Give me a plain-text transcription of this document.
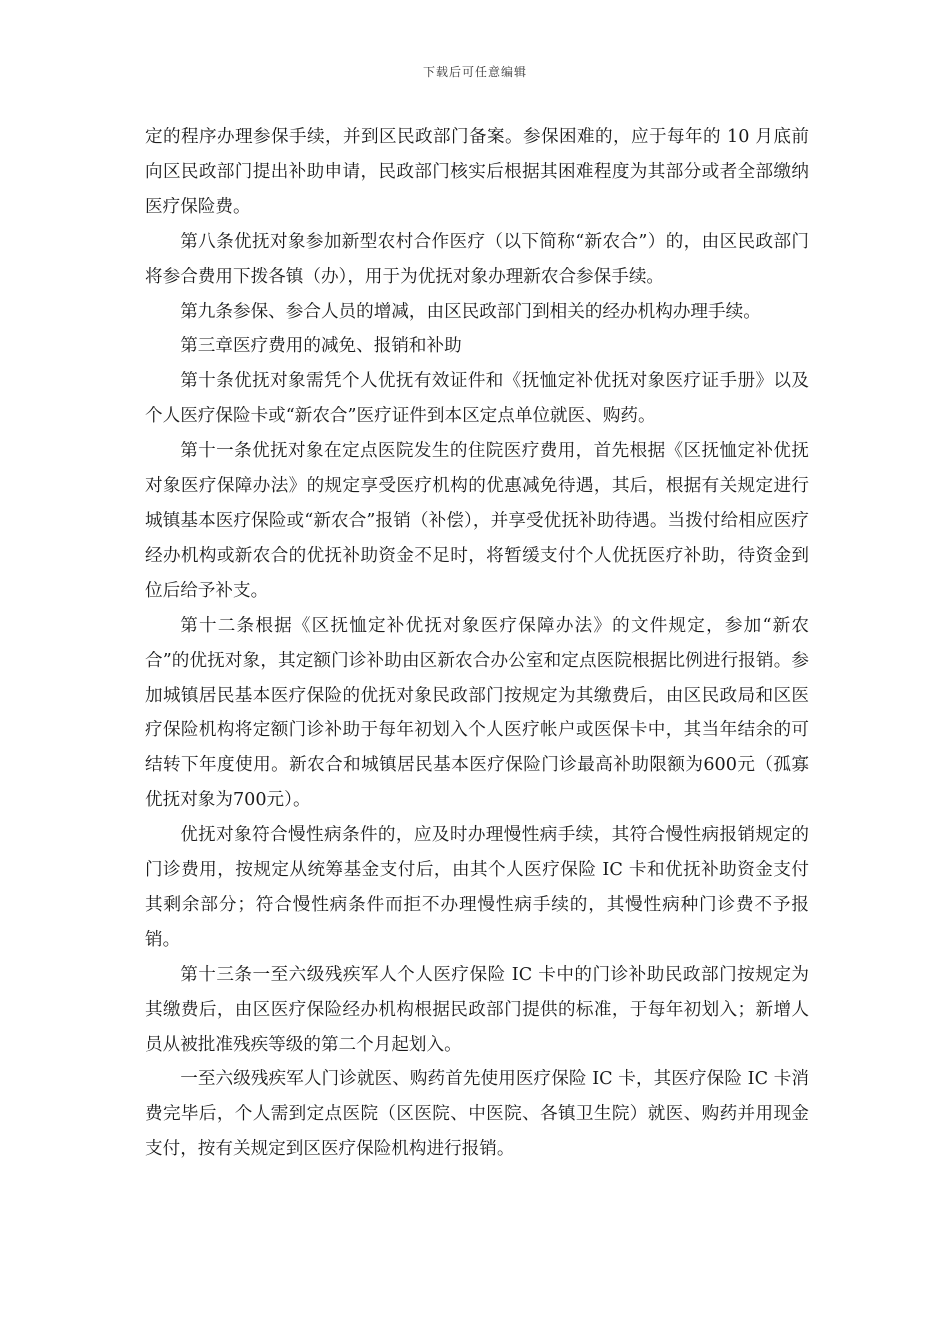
下载后可任意编辑

定的程序办理参保手续，并到区民政部门备案。参保困难的，应于每年的 10 月底前向区民政部门提出补助申请，民政部门核实后根据其困难程度为其部分或者全部缴纳医疗保险费。

第八条优抚对象参加新型农村合作医疗（以下简称“新农合”）的，由区民政部门将参合费用下拨各镇（办），用于为优抚对象办理新农合参保手续。

第九条参保、参合人员的增减，由区民政部门到相关的经办机构办理手续。

第三章医疗费用的减免、报销和补助

第十条优抚对象需凭个人优抚有效证件和《抚恤定补优抚对象医疗证手册》以及个人医疗保险卡或“新农合”医疗证件到本区定点单位就医、购药。

第十一条优抚对象在定点医院发生的住院医疗费用，首先根据《区抚恤定补优抚对象医疗保障办法》的规定享受医疗机构的优惠减免待遇，其后，根据有关规定进行城镇基本医疗保险或“新农合”报销（补偿），并享受优抚补助待遇。当拨付给相应医疗经办机构或新农合的优抚补助资金不足时，将暂缓支付个人优抚医疗补助，待资金到位后给予补支。

第十二条根据《区抚恤定补优抚对象医疗保障办法》的文件规定，参加“新农合”的优抚对象，其定额门诊补助由区新农合办公室和定点医院根据比例进行报销。参加城镇居民基本医疗保险的优抚对象民政部门按规定为其缴费后，由区民政局和区医疗保险机构将定额门诊补助于每年初划入个人医疗帐户或医保卡中，其当年结余的可结转下年度使用。新农合和城镇居民基本医疗保险门诊最高补助限额为600元（孤寡优抚对象为700元）。

优抚对象符合慢性病条件的，应及时办理慢性病手续，其符合慢性病报销规定的门诊费用，按规定从统筹基金支付后，由其个人医疗保险 IC 卡和优抚补助资金支付其剩余部分；符合慢性病条件而拒不办理慢性病手续的，其慢性病种门诊费不予报销。

第十三条一至六级残疾军人个人医疗保险 IC 卡中的门诊补助民政部门按规定为其缴费后，由区医疗保险经办机构根据民政部门提供的标准，于每年初划入；新增人员从被批准残疾等级的第二个月起划入。

一至六级残疾军人门诊就医、购药首先使用医疗保险 IC 卡，其医疗保险 IC 卡消费完毕后，个人需到定点医院（区医院、中医院、各镇卫生院）就医、购药并用现金支付，按有关规定到区医疗保险机构进行报销。
